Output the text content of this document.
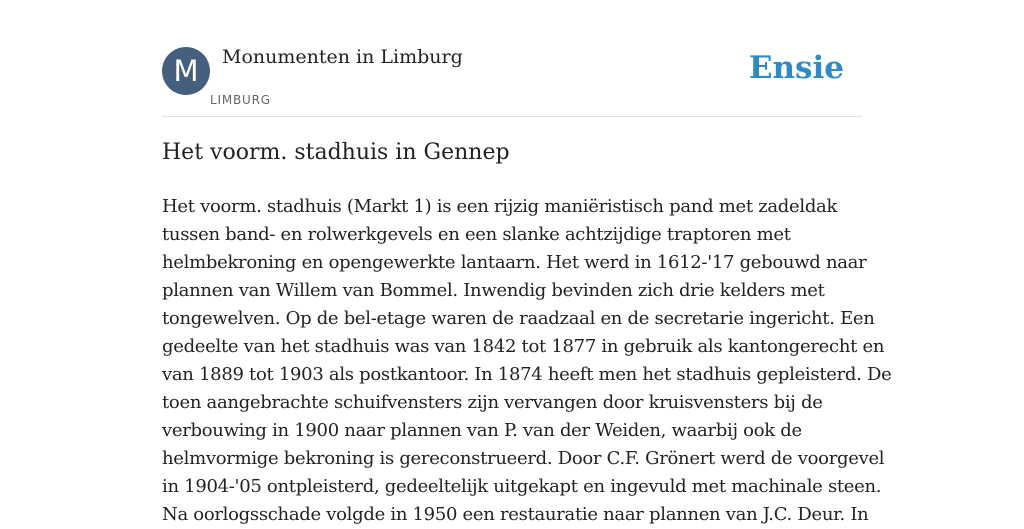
M	Monumenten in Limburg
LIMBURG
Ensie
Het voorm. stadhuis in Gennep
Het voorm. stadhuis (Markt 1) is een rijzig maniëristisch pand met zadeldak
tussen band- en rolwerkgevels en een slanke achtzijdige traptoren met
helmbekroning en opengewerkte lantaarn. Het werd in 1612-'17 gebouwd naar
plannen van Willem van Bommel. Inwendig bevinden zich drie kelders met
tongewelven. Op de bel-etage waren de raadzaal en de secretarie ingericht. Een
gedeelte van het stadhuis was van 1842 tot 1877 in gebruik als kantongerecht en
van 1889 tot 1903 als postkantoor. In 1874 heeft men het stadhuis gepleisterd. De
toen aangebrachte schuifvensters zijn vervangen door kruisvensters bij de
verbouwing in 1900 naar plannen van P. van der Weiden, waarbij ook de
helmvormige bekroning is gereconstrueerd. Door C.F. Grönert werd de voorgevel
in 1904-'05 ontpleisterd, gedeeltelijk uitgekapt en ingevuld met machinale steen.
Na oorlogsschade volgde in 1950 een restauratie naar plannen van J.C. Deur. In
